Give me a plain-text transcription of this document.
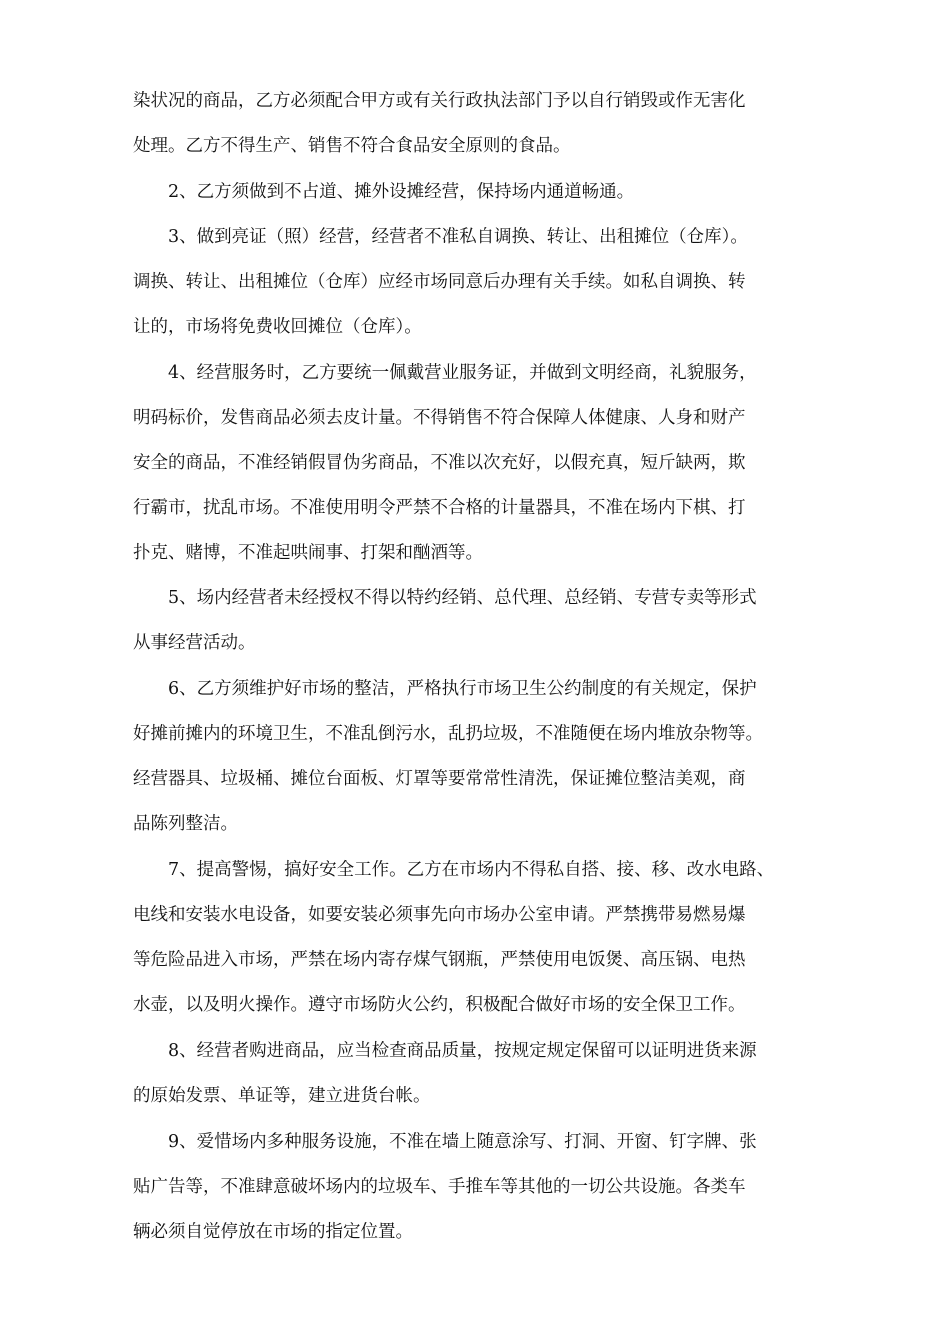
染状况的商品，乙方必须配合甲方或有关行政执法部门予以自行销毁或作无害化
处理。乙方不得生产、销售不符合食品安全原则的食品。
2、乙方须做到不占道、摊外设摊经营，保持场内通道畅通。
3、做到亮证（照）经营，经营者不准私自调换、转让、出租摊位（仓库）。
调换、转让、出租摊位（仓库）应经市场同意后办理有关手续。如私自调换、转
让的，市场将免费收回摊位（仓库）。
4、经营服务时，乙方要统一佩戴营业服务证，并做到文明经商，礼貌服务，
明码标价，发售商品必须去皮计量。不得销售不符合保障人体健康、人身和财产
安全的商品，不准经销假冒伪劣商品，不准以次充好，以假充真，短斤缺两，欺
行霸市，扰乱市场。不准使用明令严禁不合格的计量器具，不准在场内下棋、打
扑克、赌博，不准起哄闹事、打架和酗酒等。
5、场内经营者未经授权不得以特约经销、总代理、总经销、专营专卖等形式
从事经营活动。
6、乙方须维护好市场的整洁，严格执行市场卫生公约制度的有关规定，保护
好摊前摊内的环境卫生，不准乱倒污水，乱扔垃圾，不准随便在场内堆放杂物等。
经营器具、垃圾桶、摊位台面板、灯罩等要常常性清洗，保证摊位整洁美观，商
品陈列整洁。
7、提高警惕，搞好安全工作。乙方在市场内不得私自搭、接、移、改水电路、
电线和安装水电设备，如要安装必须事先向市场办公室申请。严禁携带易燃易爆
等危险品进入市场，严禁在场内寄存煤气钢瓶，严禁使用电饭煲、高压锅、电热
水壶，以及明火操作。遵守市场防火公约，积极配合做好市场的安全保卫工作。
8、经营者购进商品，应当检查商品质量，按规定规定保留可以证明进货来源
的原始发票、单证等，建立进货台帐。
9、爱惜场内多种服务设施，不准在墙上随意涂写、打洞、开窗、钉字牌、张
贴广告等，不准肆意破坏场内的垃圾车、手推车等其他的一切公共设施。各类车
辆必须自觉停放在市场的指定位置。
